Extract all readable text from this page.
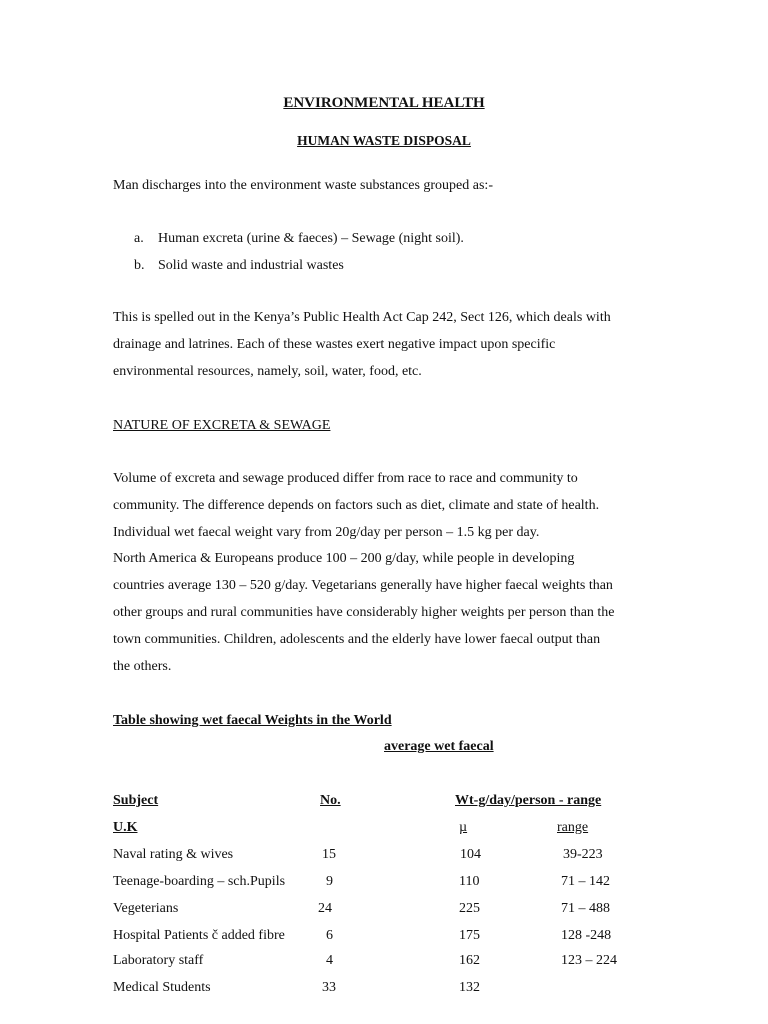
ENVIRONMENTAL HEALTH
HUMAN WASTE DISPOSAL
Man discharges into the environment waste substances grouped as:-
a. Human excreta (urine & faeces) – Sewage (night soil).
b. Solid waste and industrial wastes
This is spelled out in the Kenya’s Public Health Act Cap 242, Sect 126, which deals with
drainage and latrines. Each of these wastes exert negative impact upon specific
environmental resources, namely, soil, water, food, etc.
NATURE OF EXCRETA & SEWAGE
Volume of excreta and sewage produced differ from race to race and community to
community. The difference depends on factors such as diet, climate and state of health.
Individual wet faecal weight vary from 20g/day per person – 1.5 kg per day.
North America & Europeans produce 100 – 200 g/day, while people in developing
countries average 130 – 520 g/day. Vegetarians generally have higher faecal weights than
other groups and rural communities have considerably higher weights per person than the
town communities. Children, adolescents and the elderly have lower faecal output than
the others.
Table showing wet faecal Weights in the World
average wet faecal
Subject	No.	Wt-g/day/person - range
U.K	µ	range
Naval rating & wives	15	104	39-223
Teenage-boarding – sch.Pupils	9	110	71 – 142
Vegeterians	24	225	71 – 488
Hospital Patients č added fibre	6	175	128 -248
Laboratory staff	4	162	123 – 224
Medical Students	33	132
